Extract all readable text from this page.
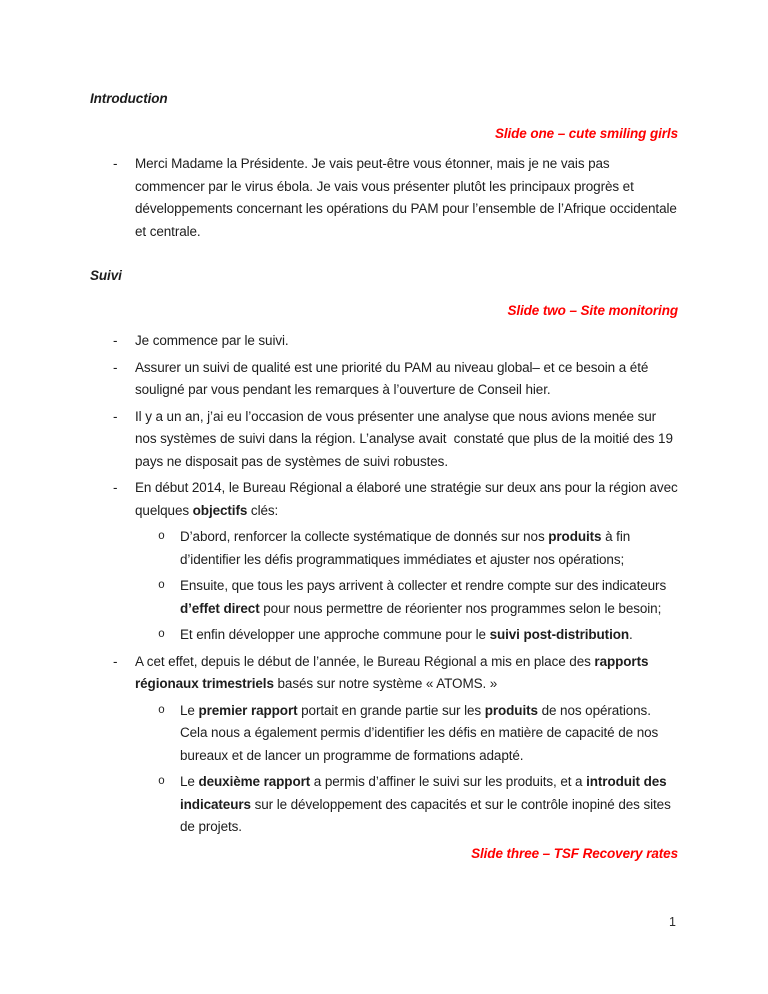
Introduction
Slide one – cute smiling girls
-	Merci Madame la Présidente. Je vais peut-être vous étonner, mais je ne vais pas commencer par le virus ébola. Je vais vous présenter plutôt les principaux progrès et développements concernant les opérations du PAM pour l’ensemble de l’Afrique occidentale et centrale.
Suivi
Slide two – Site monitoring
-	Je commence par le suivi.
-	Assurer un suivi de qualité est une priorité du PAM au niveau global– et ce besoin a été souligné par vous pendant les remarques à l’ouverture de Conseil hier.
-	Il y a un an, j’ai eu l’occasion de vous présenter une analyse que nous avions menée sur nos systèmes de suivi dans la région. L’analyse avait  constaté que plus de la moitié des 19 pays ne disposait pas de systèmes de suivi robustes.
-	En début 2014, le Bureau Régional a élaboré une stratégie sur deux ans pour la région avec quelques objectifs clés:
o	D’abord, renforcer la collecte systématique de donnés sur nos produits à fin d’identifier les défis programmatiques immédiates et ajuster nos opérations;
o	Ensuite, que tous les pays arrivent à collecter et rendre compte sur des indicateurs d’effet direct pour nous permettre de réorienter nos programmes selon le besoin;
o	Et enfin développer une approche commune pour le suivi post-distribution.
-	A cet effet, depuis le début de l’année, le Bureau Régional a mis en place des rapports régionaux trimestriels basés sur notre système « ATOMS. »
o	Le premier rapport portait en grande partie sur les produits de nos opérations. Cela nous a également permis d’identifier les défis en matière de capacité de nos bureaux et de lancer un programme de formations adapté.
o	Le deuxième rapport a permis d’affiner le suivi sur les produits, et a introduit des indicateurs sur le développement des capacités et sur le contrôle inopiné des sites de projets.
Slide three – TSF Recovery rates
1
